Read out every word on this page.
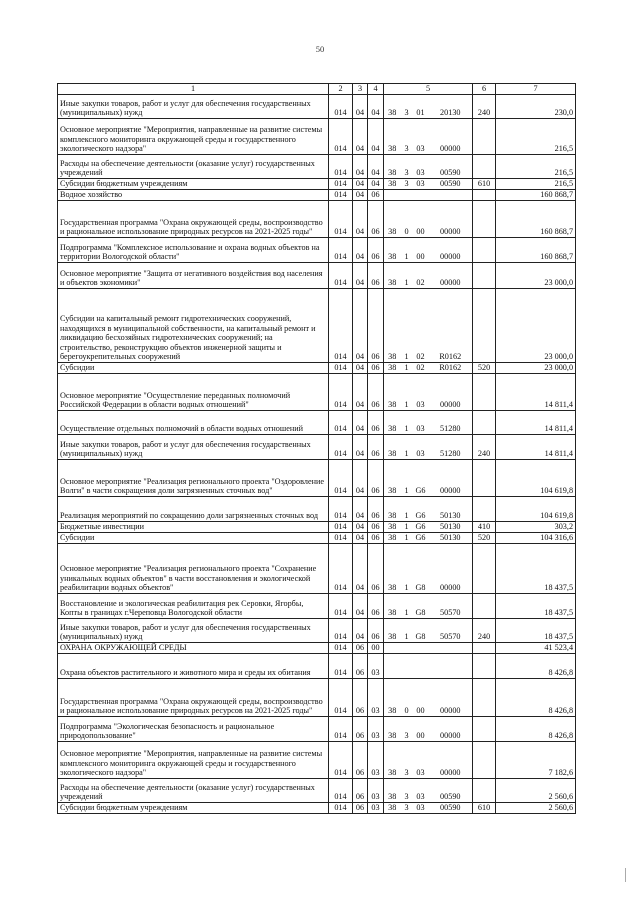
50
1	2	3	4	5				6	7
Иные закупки товаров, работ и услуг для обеспечения государственных (муниципальных) нужд	014	04	04	38	3	01	20130	240	230,0
Основное мероприятие "Мероприятия, направленные на развитие системы комплексного мониторинга окружающей среды и государственного экологического надзора"	014	04	04	38	3	03	00000		216,5
Расходы на обеспечение деятельности (оказание услуг) государственных учреждений	014	04	04	38	3	03	00590		216,5
Субсидии бюджетным учреждениям	014	04	04	38	3	03	00590	610	216,5
Водное хозяйство	014	04	06						160 868,7
Государственная программа "Охрана окружающей среды, воспроизводство и рациональное использование природных ресурсов на 2021-2025 годы"	014	04	06	38	0	00	00000		160 868,7
Подпрограмма "Комплексное использование и охрана водных объектов на территории Вологодской области"	014	04	06	38	1	00	00000		160 868,7
Основное мероприятие "Защита от негативного воздействия вод населения и объектов экономики"	014	04	06	38	1	02	00000		23 000,0
Субсидии на капитальный ремонт гидротехнических сооружений, находящихся в муниципальной собственности, на капитальный ремонт и ликвидацию бесхозяйных гидротехнических сооружений; на строительство, реконструкцию объектов инженерной защиты и берегоукрепительных сооружений	014	04	06	38	1	02	R0162		23 000,0
Субсидии	014	04	06	38	1	02	R0162	520	23 000,0
Основное мероприятие "Осуществление переданных полномочий Российской Федерации в области водных отношений"	014	04	06	38	1	03	00000		14 811,4
Осуществление отдельных полномочий в области водных отношений	014	04	06	38	1	03	51280		14 811,4
Иные закупки товаров, работ и услуг для обеспечения государственных (муниципальных) нужд	014	04	06	38	1	03	51280	240	14 811,4
Основное мероприятие "Реализация регионального проекта "Оздоровление Волги" в части сокращения доли загрязненных сточных вод"	014	04	06	38	1	G6	00000		104 619,8
Реализация мероприятий по сокращению доли загрязненных сточных вод	014	04	06	38	1	G6	50130		104 619,8
Бюджетные инвестиции	014	04	06	38	1	G6	50130	410	303,2
Субсидии	014	04	06	38	1	G6	50130	520	104 316,6
Основное мероприятие "Реализация регионального проекта "Сохранение уникальных водных объектов" в части восстановления и экологической реабилитации водных объектов"	014	04	06	38	1	G8	00000		18 437,5
Восстановление и экологическая реабилитация рек Серовки, Ягорбы, Копты в границах г.Череповца Вологодской области	014	04	06	38	1	G8	50570		18 437,5
Иные закупки товаров, работ и услуг для обеспечения государственных (муниципальных) нужд	014	04	06	38	1	G8	50570	240	18 437,5
ОХРАНА ОКРУЖАЮЩЕЙ СРЕДЫ	014	06	00						41 523,4
Охрана объектов растительного и животного мира и среды их обитания	014	06	03						8 426,8
Государственная программа "Охрана окружающей среды, воспроизводство и рациональное использование природных ресурсов на 2021-2025 годы"	014	06	03	38	0	00	00000		8 426,8
Подпрограмма "Экологическая безопасность и рациональное природопользование"	014	06	03	38	3	00	00000		8 426,8
Основное мероприятие "Мероприятия, направленные на развитие системы комплексного мониторинга окружающей среды и государственного экологического надзора"	014	06	03	38	3	03	00000		7 182,6
Расходы на обеспечение деятельности (оказание услуг) государственных учреждений	014	06	03	38	3	03	00590		2 560,6
Субсидии бюджетным учреждениям	014	06	03	38	3	03	00590	610	2 560,6
